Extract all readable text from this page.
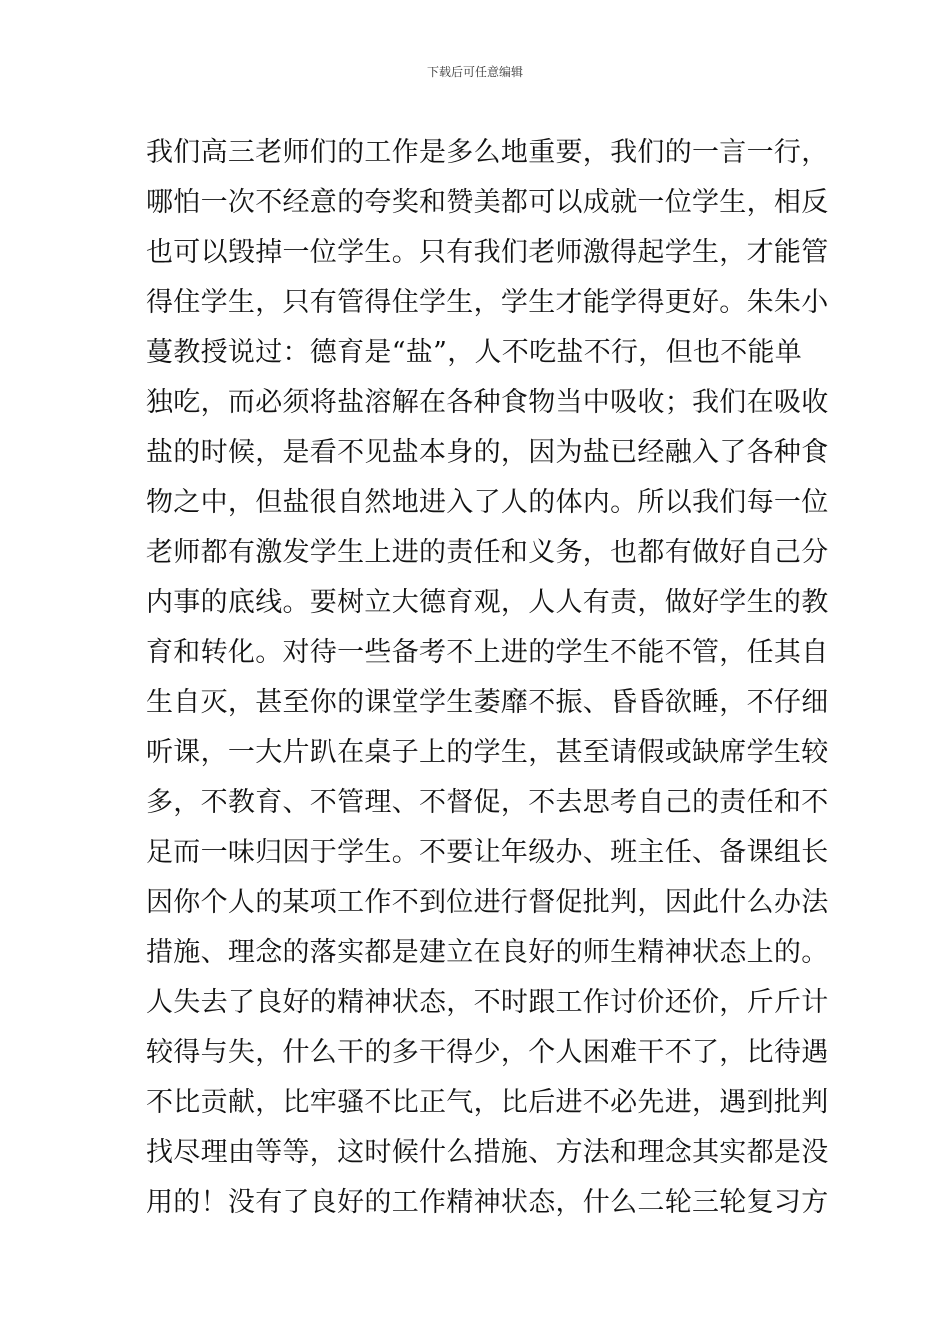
下载后可任意编辑
我们高三老师们的工作是多么地重要，我们的一言一行，
哪怕一次不经意的夸奖和赞美都可以成就一位学生，相反
也可以毁掉一位学生。只有我们老师激得起学生，才能管
得住学生，只有管得住学生，学生才能学得更好。朱朱小
蔓教授说过：德育是“盐”，人不吃盐不行，但也不能单
独吃，而必须将盐溶解在各种食物当中吸收；我们在吸收
盐的时候，是看不见盐本身的，因为盐已经融入了各种食
物之中，但盐很自然地进入了人的体内。所以我们每一位
老师都有激发学生上进的责任和义务，也都有做好自己分
内事的底线。要树立大德育观，人人有责，做好学生的教
育和转化。对待一些备考不上进的学生不能不管，任其自
生自灭，甚至你的课堂学生萎靡不振、昏昏欲睡，不仔细
听课，一大片趴在桌子上的学生，甚至请假或缺席学生较
多，不教育、不管理、不督促，不去思考自己的责任和不
足而一味归因于学生。不要让年级办、班主任、备课组长
因你个人的某项工作不到位进行督促批判，因此什么办法
措施、理念的落实都是建立在良好的师生精神状态上的。
人失去了良好的精神状态，不时跟工作讨价还价，斤斤计
较得与失，什么干的多干得少，个人困难干不了，比待遇
不比贡献，比牢骚不比正气，比后进不必先进，遇到批判
找尽理由等等，这时候什么措施、方法和理念其实都是没
用的！没有了良好的工作精神状态，什么二轮三轮复习方
